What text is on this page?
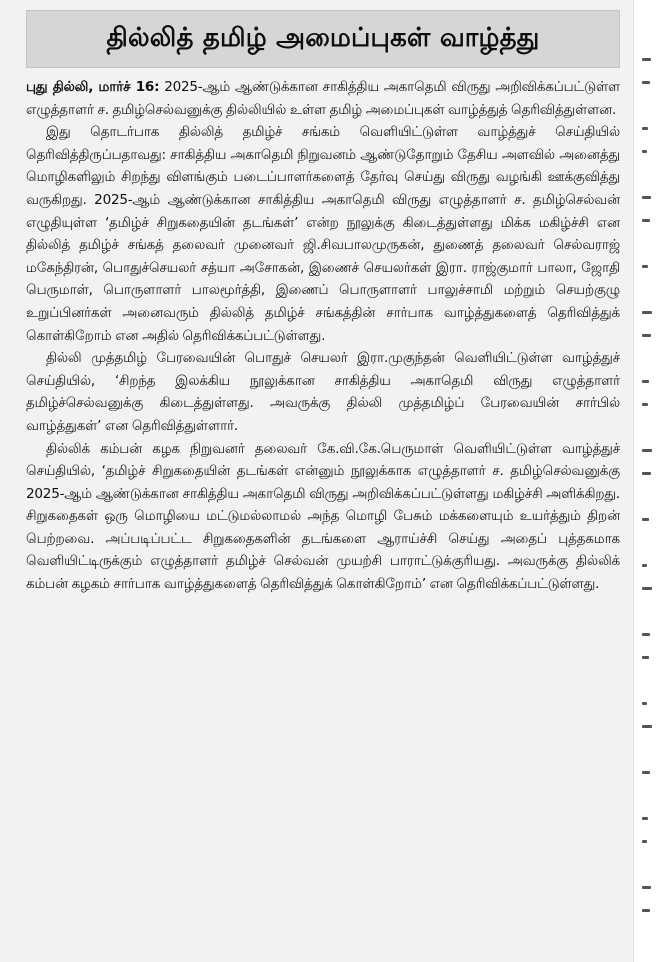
தில்லித் தமிழ் அமைப்புகள் வாழ்த்து

புது தில்லி, மார்ச் 16: 2025-ஆம் ஆண்டுக்கான சாகித்திய அகாதெமி விருது அறிவிக்கப்பட்டுள்ள எழுத்தாளர் ச. தமிழ்செல்வனுக்கு தில்லியில் உள்ள தமிழ் அமைப்புகள் வாழ்த்துத் தெரிவித்துள்ளன.

இது தொடர்பாக தில்லித் தமிழ்ச் சங்கம் வெளியிட்டுள்ள வாழ்த்துச் செய்தியில் தெரிவித்திருப்பதாவது: சாகித்திய அகாதெமி நிறுவனம் ஆண்டுதோறும் தேசிய அளவில் அனைத்து மொழிகளிலும் சிறந்து விளங்கும் படைப்பாளர்களைத் தேர்வு செய்து விருது வழங்கி ஊக்குவித்து வருகிறது. 2025-ஆம் ஆண்டுக்கான சாகித்திய அகாதெமி விருது எழுத்தாளர் ச. தமிழ்செல்வன் எழுதியுள்ள ‘தமிழ்ச் சிறுகதையின் தடங்கள்’ என்ற நூலுக்கு கிடைத்துள்ளது மிக்க மகிழ்ச்சி என தில்லித் தமிழ்ச் சங்கத் தலைவர் முனைவர் ஜி.சிவபாலமுருகன், துணைத் தலைவர் செல்வராஜ் மகேந்திரன், பொதுச்செயலர் சத்யா அசோகன், இணைச் செயலர்கள் இரா. ராஜ்குமார் பாலா, ஜோதி பெருமாள், பொருளாளர் பாலமூர்த்தி, இணைப் பொருளாளர் பாலுச்சாமி மற்றும் செயற்குழு உறுப்பினர்கள் அனைவரும் தில்லித் தமிழ்ச் சங்கத்தின் சார்பாக வாழ்த்துகளைத் தெரிவித்துக் கொள்கிறோம் என அதில் தெரிவிக்கப்பட்டுள்ளது.

தில்லி முத்தமிழ் பேரவையின் பொதுச் செயலர் இரா.முகுந்தன் வெளியிட்டுள்ள வாழ்த்துச் செய்தியில், ‘சிறந்த இலக்கிய நூலுக்கான சாகித்திய அகாதெமி விருது எழுத்தாளர் தமிழ்ச்செல்வனுக்கு கிடைத்துள்ளது. அவருக்கு தில்லி முத்தமிழ்ப் பேரவையின் சார்பில் வாழ்த்துகள்’ என தெரிவித்துள்ளார்.

தில்லிக் கம்பன் கழக நிறுவனர் தலைவர் கே.வி.கே.பெருமாள் வெளியிட்டுள்ள வாழ்த்துச் செய்தியில், ‘தமிழ்ச் சிறுகதையின் தடங்கள் என்னும் நூலுக்காக எழுத்தாளர் ச. தமிழ்செல்வனுக்கு 2025-ஆம் ஆண்டுக்கான சாகித்திய அகாதெமி விருது அறிவிக்கப்பட்டுள்ளது மகிழ்ச்சி அளிக்கிறது. சிறுகதைகள் ஒரு மொழியை மட்டுமல்லாமல் அந்த மொழி பேசும் மக்களையும் உயர்த்தும் திறன் பெற்றவை. அப்படிப்பட்ட சிறுகதைகளின் தடங்களை ஆராய்ச்சி செய்து அதைப் புத்தகமாக வெளியிட்டிருக்கும் எழுத்தாளர் தமிழ்ச் செல்வன் முயற்சி பாராட்டுக்குரியது. அவருக்கு தில்லிக் கம்பன் கழகம் சார்பாக வாழ்த்துகளைத் தெரிவித்துக் கொள்கிறோம்’ என தெரிவிக்கப்பட்டுள்ளது.
